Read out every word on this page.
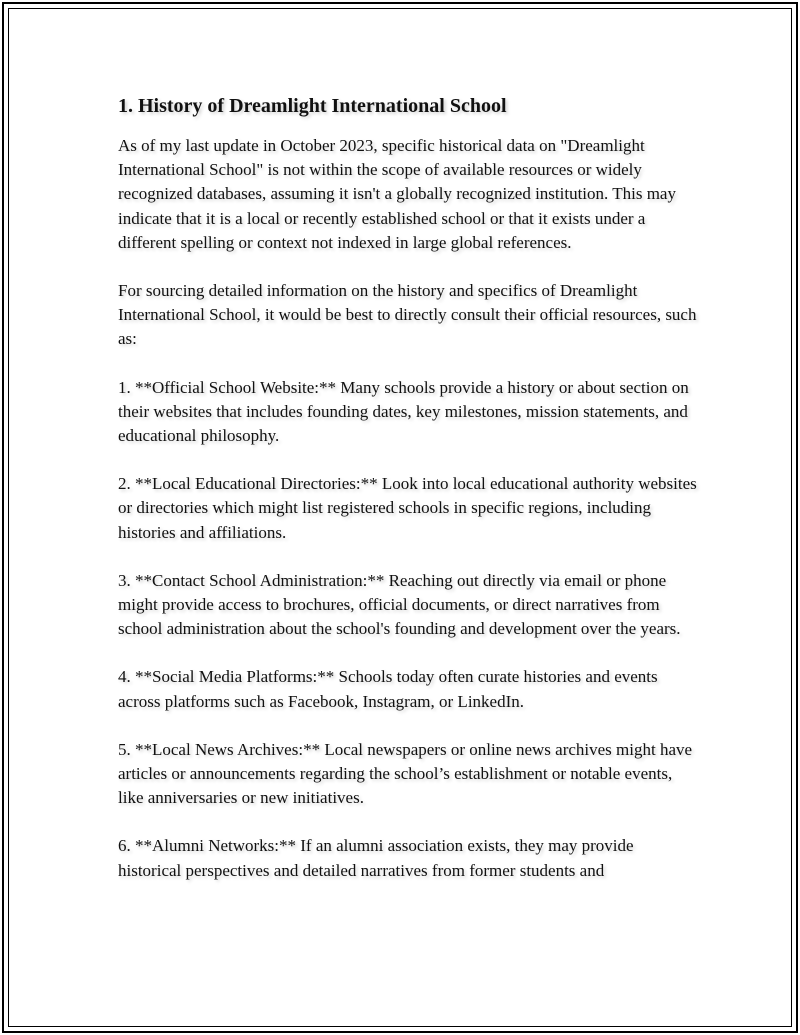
1. History of Dreamlight International School

As of my last update in October 2023, specific historical data on "Dreamlight International School" is not within the scope of available resources or widely recognized databases, assuming it isn't a globally recognized institution. This may indicate that it is a local or recently established school or that it exists under a different spelling or context not indexed in large global references.

For sourcing detailed information on the history and specifics of Dreamlight International School, it would be best to directly consult their official resources, such as:

1. **Official School Website:** Many schools provide a history or about section on their websites that includes founding dates, key milestones, mission statements, and educational philosophy.

2. **Local Educational Directories:** Look into local educational authority websites or directories which might list registered schools in specific regions, including histories and affiliations.

3. **Contact School Administration:** Reaching out directly via email or phone might provide access to brochures, official documents, or direct narratives from school administration about the school's founding and development over the years.

4. **Social Media Platforms:** Schools today often curate histories and events across platforms such as Facebook, Instagram, or LinkedIn.

5. **Local News Archives:** Local newspapers or online news archives might have articles or announcements regarding the school’s establishment or notable events, like anniversaries or new initiatives.

6. **Alumni Networks:** If an alumni association exists, they may provide historical perspectives and detailed narratives from former students and
